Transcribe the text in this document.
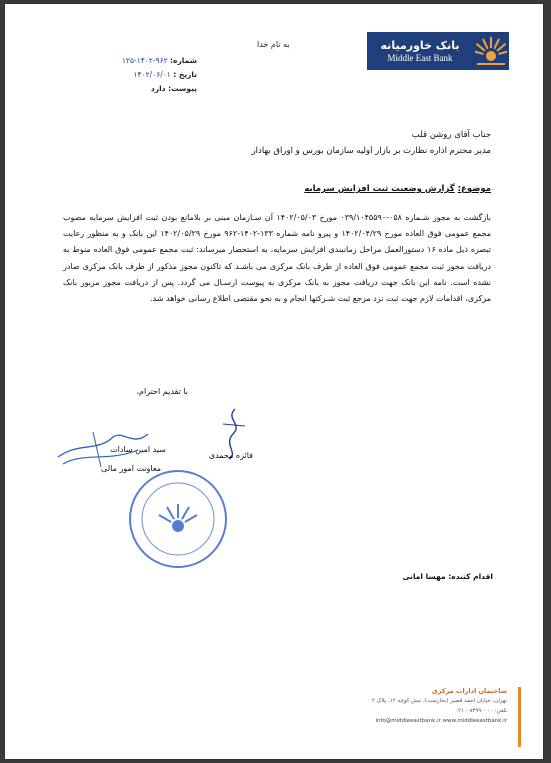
بانک خاورمیانه
Middle East Bank
به نام خدا
شماره: ۹۶۲-۱۴۰۲-۱۲۵
تاریخ : ۱۴۰۲/۰۶/۰۱
پیوست: دارد
جناب آقای روشن قلب
مدیر محترم اداره نظارت بر بازار اولیه سازمان بورس و اوراق بهادار
موضوع: گزارش وضعیت ثبت افزایش سرمایه
بازگشت به مجوز شـماره ۰۵۸-۰۳۹/۱۰۴۵۵۹۰ مورخ ۱۴۰۲/۰۵/۰۳ آن سـازمان مبنی بر بلامانع بودن ثبت افزایش سرمایه مصوب مجمع عمومی فوق العاده مورخ ۱۴۰۲/۰۴/۲۹ و پیرو نامه شماره ۱۳۳-۱۴۰۲-۹۶۲ مورخ ۱۴۰۲/۰۵/۲۹ این بانک و به منظور رعایت تبصره ذیل ماده ۱۶ دستورالعمل مراحل زمانبندی افزایش سرمایه، به استحضار میرساند: ثبت مجمع عمومی فوق العاده منوط به دریافت مجوز ثبت مجمع عمومی فوق العاده از طرف بانک مرکزی می باشـد که تاکنون مجوز مذکور از طرف بانک مرکزی صادر نشده است. نامه این بانک جهت دریافت مجوز به بانک مرکزی به پیوست ارسـال می گردد. پس از دریافت مجوز مزبور بانک مرکزی، اقدامات لازم جهت ثبت نزد مرجع ثبت شـرکتها انجام و به نحو مقتضی اطلاع رسانی خواهد شد.
با تقدیم احترام،
فائزه محمدی
سید امین سادات
معاونت امور مالی
اقدام کننده: مهسا امانی
ساختمان ادارات مرکزی
تهران، خیابان احمد قصیر (بخارست)، نبش کوچه ۱۲، پلاک ۲
تلفن: ۸۳۹۹۰۰۰۰ - ۰۲۱
info@middleeastbank.ir www.middleeastbank.ir
